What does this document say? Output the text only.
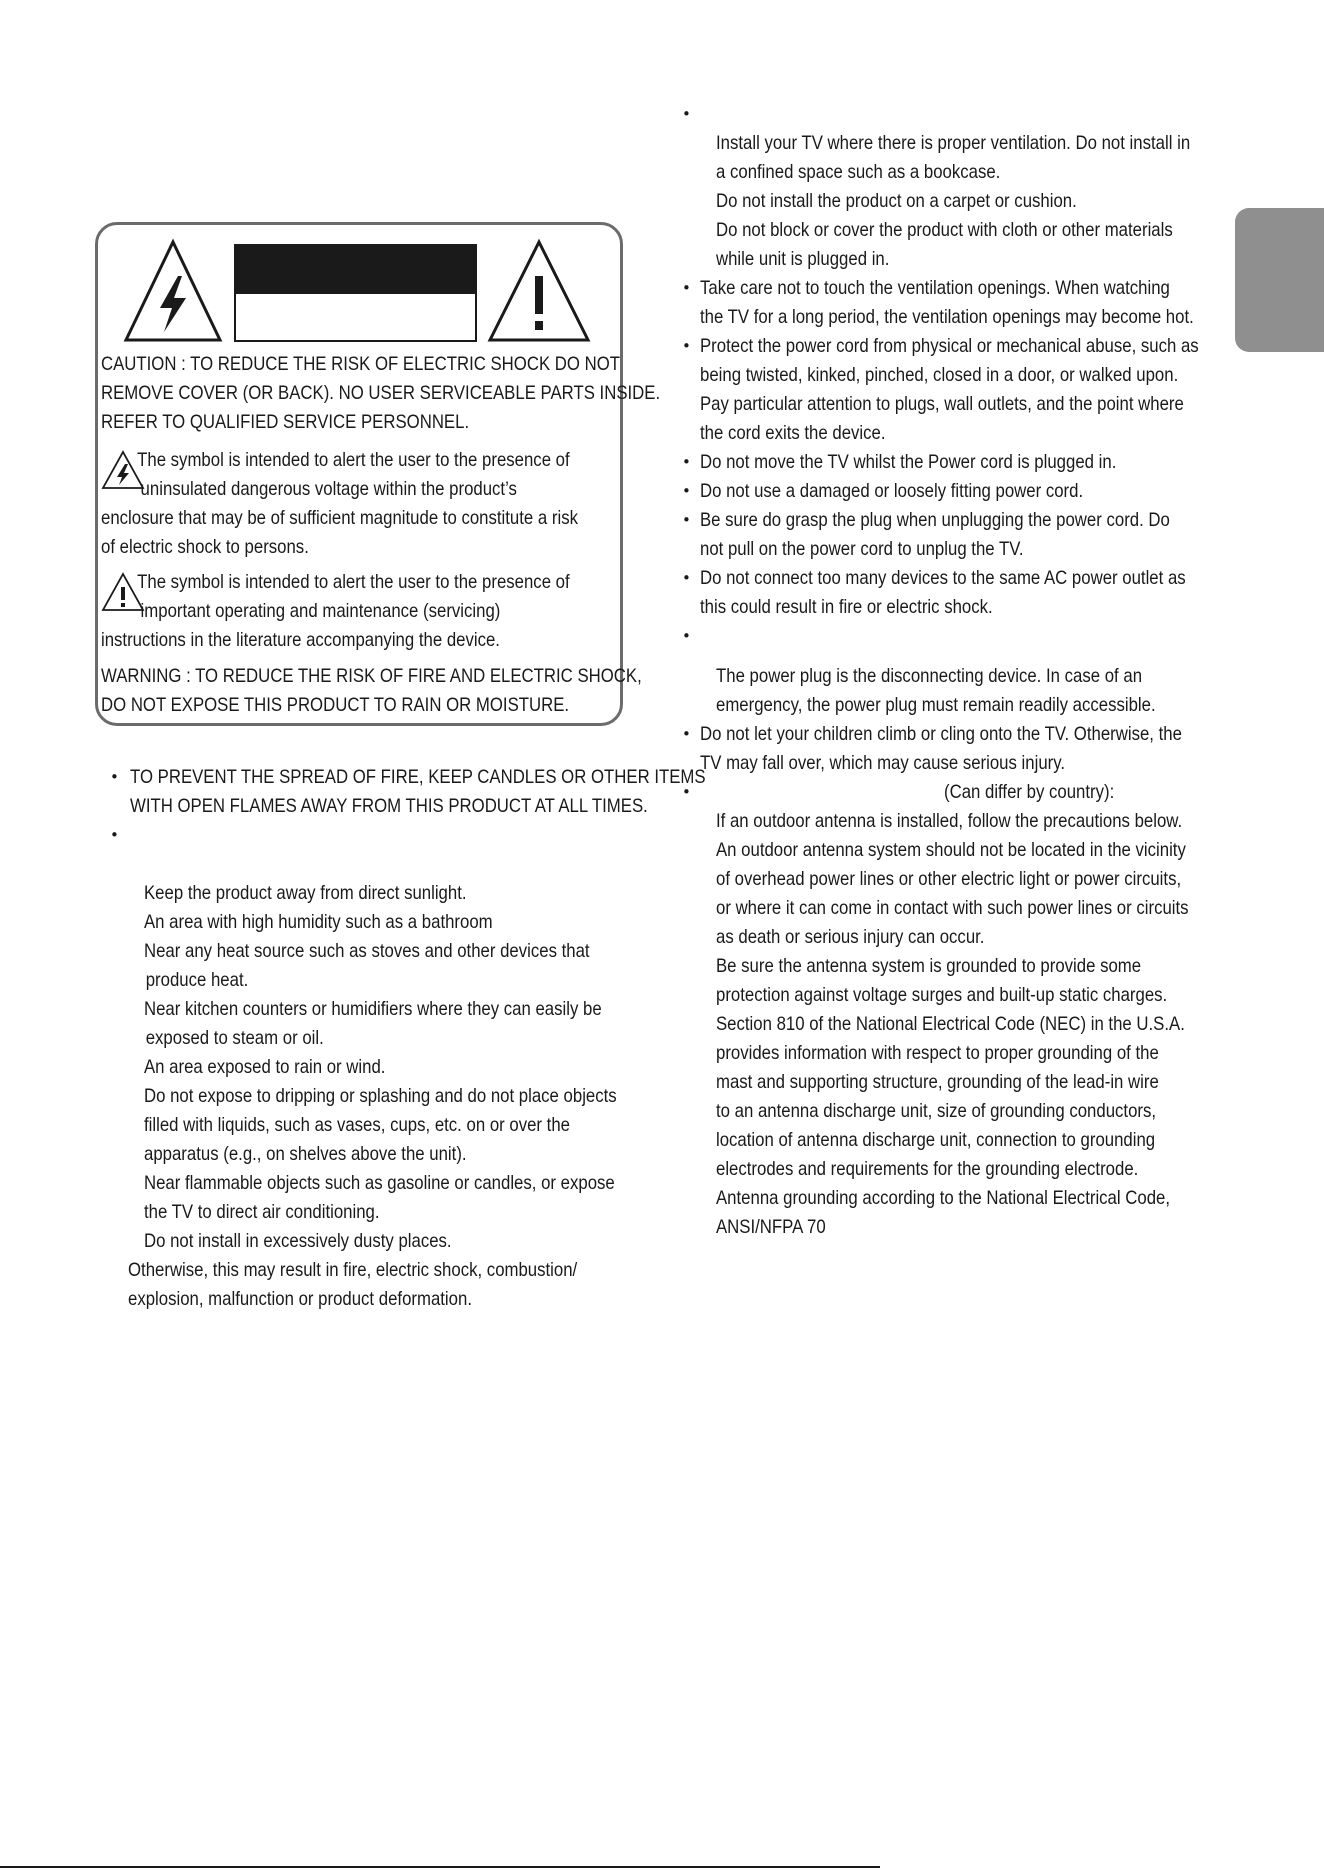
CAUTION : TO REDUCE THE RISK OF ELECTRIC SHOCK DO NOT
REMOVE COVER (OR BACK). NO USER SERVICEABLE PARTS INSIDE.
REFER TO QUALIFIED SERVICE PERSONNEL.
The symbol is intended to alert the user to the presence of
uninsulated dangerous voltage within the product’s
enclosure that may be of sufficient magnitude to constitute a risk
of electric shock to persons.
The symbol is intended to alert the user to the presence of
important operating and maintenance (servicing)
instructions in the literature accompanying the device.
WARNING : TO REDUCE THE RISK OF FIRE AND ELECTRIC SHOCK,
DO NOT EXPOSE THIS PRODUCT TO RAIN OR MOISTURE.
• TO PREVENT THE SPREAD OF FIRE, KEEP CANDLES OR OTHER ITEMS
WITH OPEN FLAMES AWAY FROM THIS PRODUCT AT ALL TIMES.
•
Keep the product away from direct sunlight.
An area with high humidity such as a bathroom
Near any heat source such as stoves and other devices that
produce heat.
Near kitchen counters or humidifiers where they can easily be
exposed to steam or oil.
An area exposed to rain or wind.
Do not expose to dripping or splashing and do not place objects
filled with liquids, such as vases, cups, etc. on or over the
apparatus (e.g., on shelves above the unit).
Near flammable objects such as gasoline or candles, or expose
the TV to direct air conditioning.
Do not install in excessively dusty places.
Otherwise, this may result in fire, electric shock, combustion/
explosion, malfunction or product deformation.
•
Install your TV where there is proper ventilation. Do not install in
a confined space such as a bookcase.
Do not install the product on a carpet or cushion.
Do not block or cover the product with cloth or other materials
while unit is plugged in.
• Take care not to touch the ventilation openings. When watching
the TV for a long period, the ventilation openings may become hot.
• Protect the power cord from physical or mechanical abuse, such as
being twisted, kinked, pinched, closed in a door, or walked upon.
Pay particular attention to plugs, wall outlets, and the point where
the cord exits the device.
• Do not move the TV whilst the Power cord is plugged in.
• Do not use a damaged or loosely fitting power cord.
• Be sure do grasp the plug when unplugging the power cord. Do
not pull on the power cord to unplug the TV.
• Do not connect too many devices to the same AC power outlet as
this could result in fire or electric shock.
•
The power plug is the disconnecting device. In case of an
emergency, the power plug must remain readily accessible.
• Do not let your children climb or cling onto the TV. Otherwise, the
TV may fall over, which may cause serious injury.
•	(Can differ by country):
If an outdoor antenna is installed, follow the precautions below.
An outdoor antenna system should not be located in the vicinity
of overhead power lines or other electric light or power circuits,
or where it can come in contact with such power lines or circuits
as death or serious injury can occur.
Be sure the antenna system is grounded to provide some
protection against voltage surges and built-up static charges.
Section 810 of the National Electrical Code (NEC) in the U.S.A.
provides information with respect to proper grounding of the
mast and supporting structure, grounding of the lead-in wire
to an antenna discharge unit, size of grounding conductors,
location of antenna discharge unit, connection to grounding
electrodes and requirements for the grounding electrode.
Antenna grounding according to the National Electrical Code,
ANSI/NFPA 70
